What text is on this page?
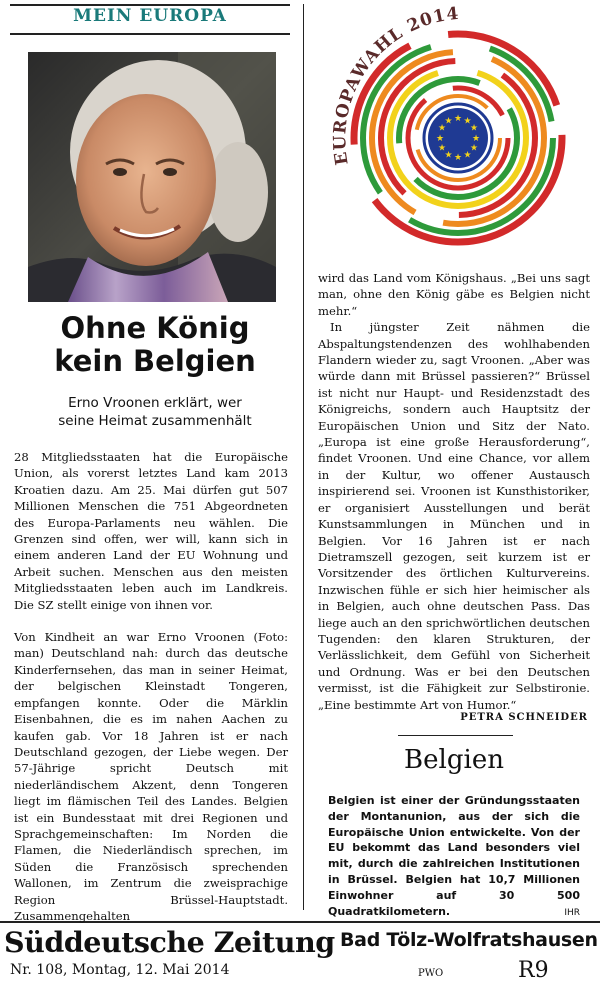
MEIN EUROPA
Ohne König
kein Belgien
Erno Vroonen erklärt, wer
seine Heimat zusammenhält

28 Mitgliedsstaaten hat die Europäische Union, als vorerst letztes Land kam 2013 Kroatien dazu. Am 25. Mai dürfen gut 507 Millionen Menschen die 751 Abgeordneten des Europa-Parlaments neu wählen. Die Grenzen sind offen, wer will, kann sich in einem anderen Land der EU Wohnung und Arbeit suchen. Menschen aus den meisten Mitgliedsstaaten leben auch im Landkreis. Die SZ stellt einige von ihnen vor.

Von Kindheit an war Erno Vroonen (Foto: man) Deutschland nah: durch das deutsche Kinderfernsehen, das man in seiner Heimat, der belgischen Kleinstadt Tongeren, empfangen konnte. Oder die Märklin Eisenbahnen, die es im nahen Aachen zu kaufen gab. Vor 18 Jahren ist er nach Deutschland gezogen, der Liebe wegen. Der 57-Jährige spricht Deutsch mit niederländischem Akzent, denn Tongeren liegt im flämischen Teil des Landes. Belgien ist ein Bundesstaat mit drei Regionen und Sprachgemeinschaften: Im Norden die Flamen, die Niederländisch sprechen, im Süden die Französisch sprechenden Wallonen, im Zentrum die zweisprachige Region Brüssel-Hauptstadt. Zusammengehalten

EUROPAWAHL 2014
★ ★
★
★
★
★
★
★
★
★
★
★

wird das Land vom Königshaus. „Bei uns sagt man, ohne den König gäbe es Belgien nicht mehr.“

In jüngster Zeit nähmen die Abspaltungstendenzen des wohlhabenden Flandern wieder zu, sagt Vroonen. „Aber was würde dann mit Brüssel passieren?“ Brüssel ist nicht nur Haupt- und Residenzstadt des Königreichs, sondern auch Hauptsitz der Europäischen Union und Sitz der Nato. „Europa ist eine große Herausforderung“, findet Vroonen. Und eine Chance, vor allem in der Kultur, wo offener Austausch inspirierend sei. Vroonen ist Kunsthistoriker, er organisiert Ausstellungen und berät Kunstsammlungen in München und in Belgien. Vor 16 Jahren ist er nach Dietramszell gezogen, seit kurzem ist er Vorsitzender des örtlichen Kulturvereins. Inzwischen fühle er sich hier heimischer als in Belgien, auch ohne deutschen Pass. Das liege auch an den sprichwörtlichen deutschen Tugenden: den klaren Strukturen, der Verlässlichkeit, dem Gefühl von Sicherheit und Ordnung. Was er bei den Deutschen vermisst, ist die Fähigkeit zur Selbstironie. „Eine bestimmte Art von Humor.“

PETRA SCHNEIDER
Belgien
Belgien ist einer der Gründungsstaaten der Montanunion, aus der sich die Europäische Union entwickelte. Von der EU bekommt das Land besonders viel mit, durch die zahlreichen Institutionen in Brüssel. Belgien hat 10,7 Millionen Einwohner auf 30 500 Quadratkilometern.	IHR
Süddeutsche Zeitung Bad Tölz-Wolfratshausen
Nr. 108, Montag, 12. Mai 2014	PWO	R9
